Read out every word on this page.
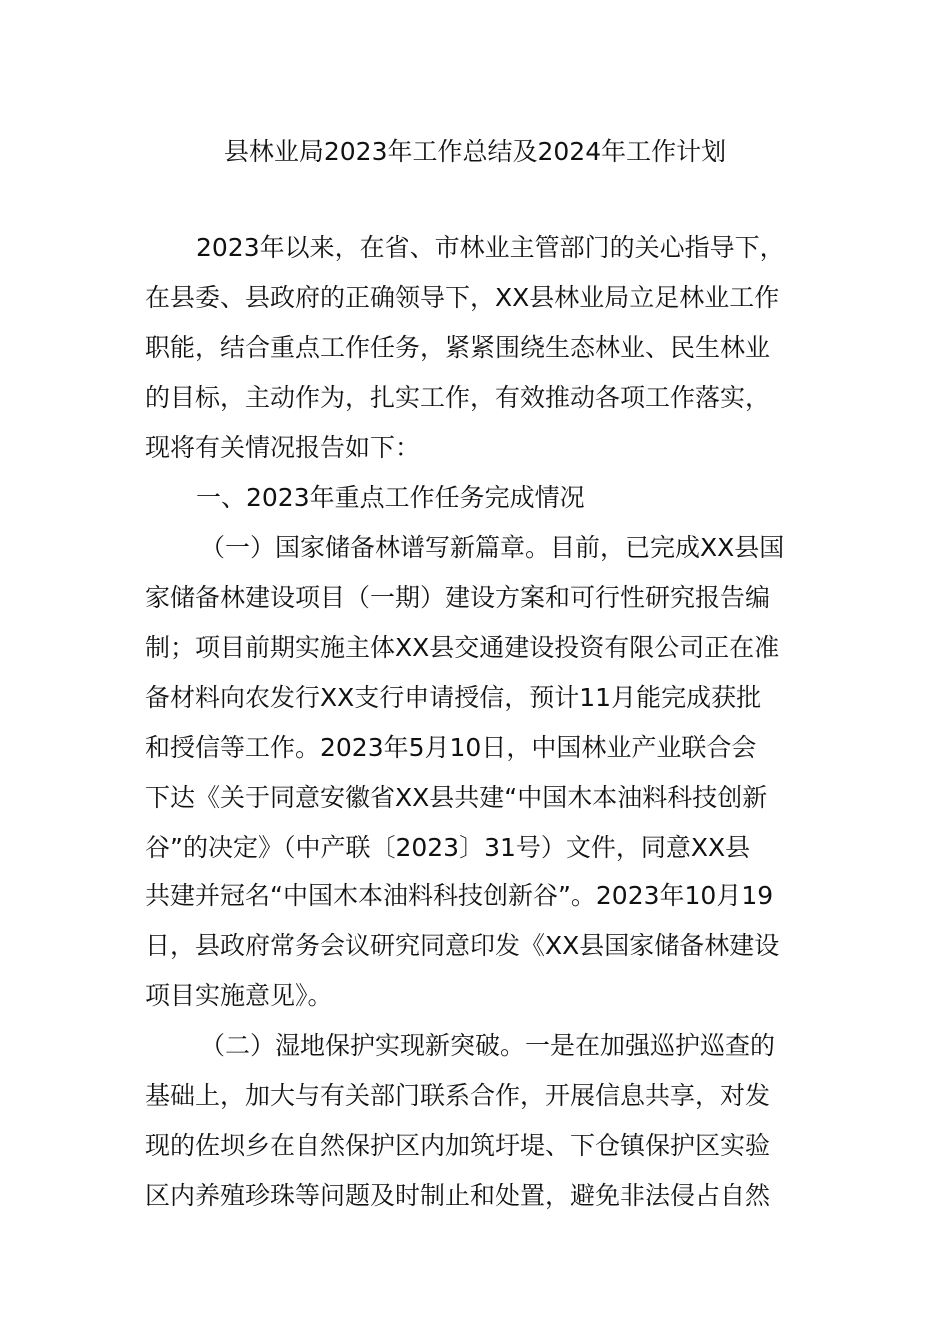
县林业局2023年工作总结及2024年工作计划
2023年以来，在省、市林业主管部门的关心指导下，
在县委、县政府的正确领导下，XX县林业局立足林业工作
职能，结合重点工作任务，紧紧围绕生态林业、民生林业
的目标，主动作为，扎实工作，有效推动各项工作落实，
现将有关情况报告如下：
一、2023年重点工作任务完成情况
（一）国家储备林谱写新篇章。目前，已完成XX县国
家储备林建设项目（一期）建设方案和可行性研究报告编
制；项目前期实施主体XX县交通建设投资有限公司正在准
备材料向农发行XX支行申请授信，预计11月能完成获批
和授信等工作。2023年5月10日，中国林业产业联合会
下达《关于同意安徽省XX县共建“中国木本油料科技创新
谷”的决定》（中产联〔2023〕31号）文件，同意XX县
共建并冠名“中国木本油料科技创新谷”。2023年10月19
日，县政府常务会议研究同意印发《XX县国家储备林建设
项目实施意见》。
（二）湿地保护实现新突破。一是在加强巡护巡查的
基础上，加大与有关部门联系合作，开展信息共享，对发
现的佐坝乡在自然保护区内加筑圩堤、下仓镇保护区实验
区内养殖珍珠等问题及时制止和处置，避免非法侵占自然
